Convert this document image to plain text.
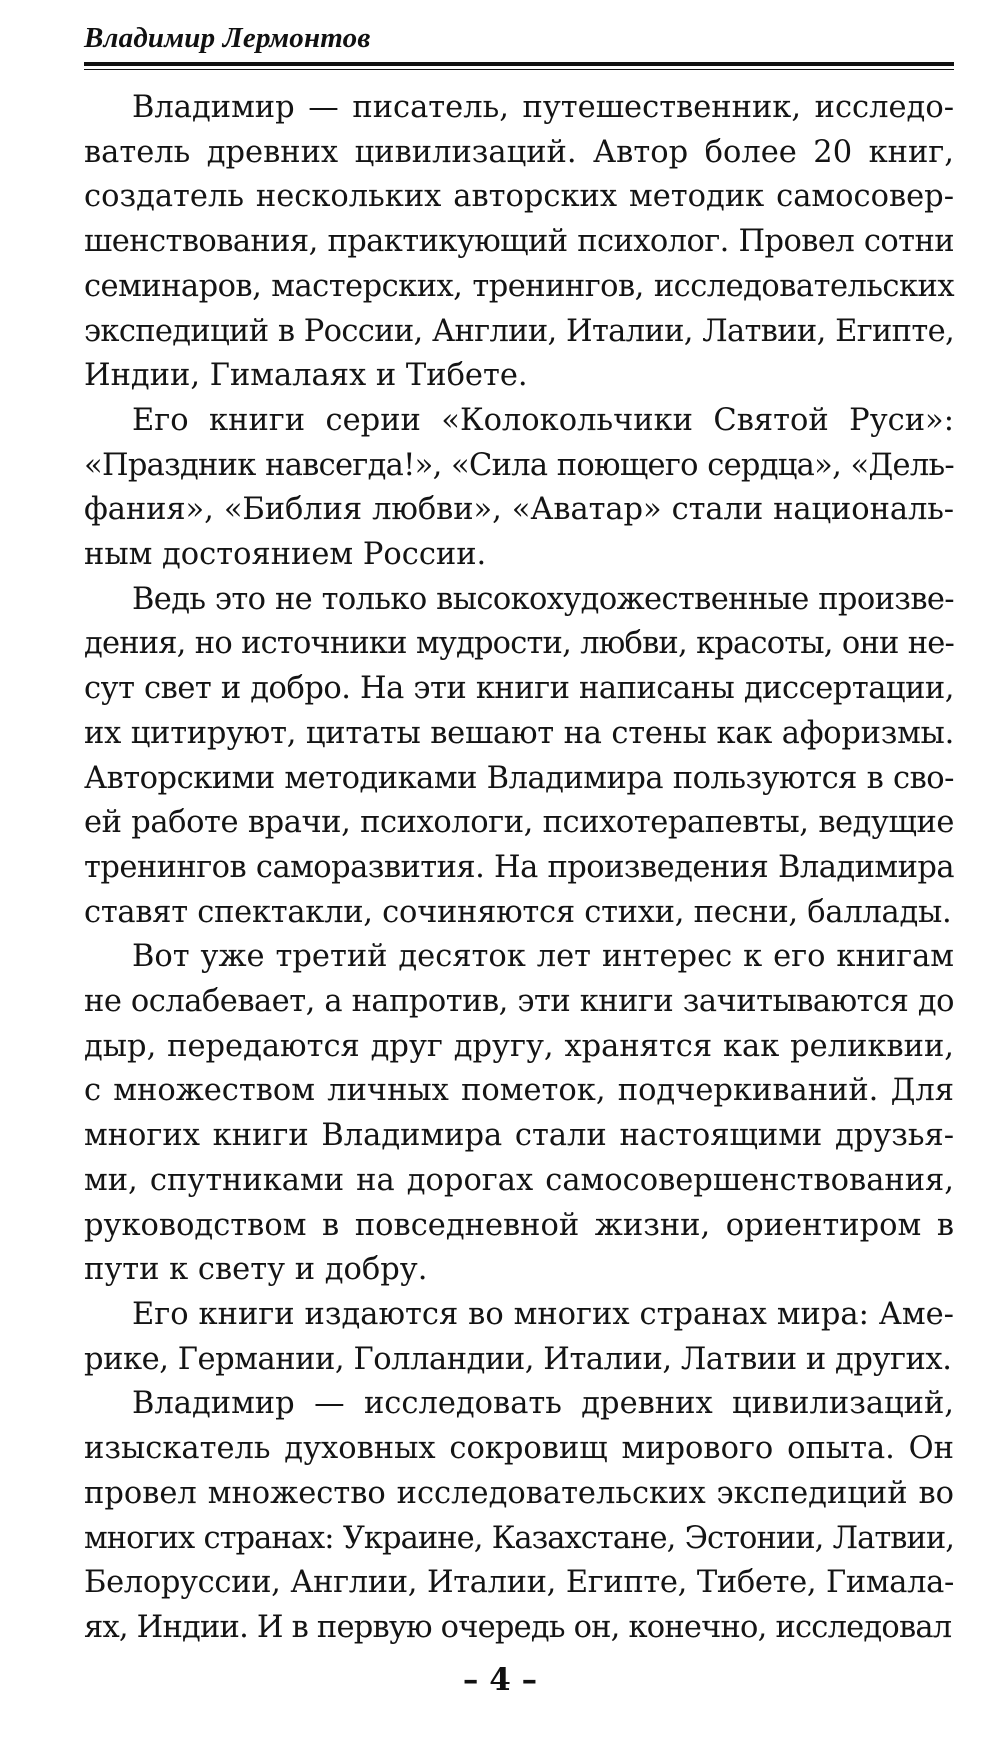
Владимир Лермонтов
Владимир — писатель, путешественник, исследо-
ватель древних цивилизаций. Автор более 20 книг,
создатель нескольких авторских методик самосовер-
шенствования, практикующий психолог. Провел сотни
семинаров, мастерских, тренингов, исследовательских
экспедиций в России, Англии, Италии, Латвии, Египте,
Индии, Гималаях и Тибете.
Его книги серии «Колокольчики Святой Руси»:
«Праздник навсегда!», «Сила поющего сердца», «Дель-
фания», «Библия любви», «Аватар» стали националь-
ным достоянием России.
Ведь это не только высокохудожественные произве-
дения, но источники мудрости, любви, красоты, они не-
сут свет и добро. На эти книги написаны диссертации,
их цитируют, цитаты вешают на стены как афоризмы.
Авторскими методиками Владимира пользуются в сво-
ей работе врачи, психологи, психотерапевты, ведущие
тренингов саморазвития. На произведения Владимира
ставят спектакли, сочиняются стихи, песни, баллады.
Вот уже третий десяток лет интерес к его книгам
не ослабевает, а напротив, эти книги зачитываются до
дыр, передаются друг другу, хранятся как реликвии,
с множеством личных пометок, подчеркиваний. Для
многих книги Владимира стали настоящими друзья-
ми, спутниками на дорогах самосовершенствования,
руководством в повседневной жизни, ориентиром в
пути к свету и добру.
Его книги издаются во многих странах мира: Аме-
рике, Германии, Голландии, Италии, Латвии и других.
Владимир — исследовать древних цивилизаций,
изыскатель духовных сокровищ мирового опыта. Он
провел множество исследовательских экспедиций во
многих странах: Украине, Казахстане, Эстонии, Латвии,
Белоруссии, Англии, Италии, Египте, Тибете, Гимала-
ях, Индии. И в первую очередь он, конечно, исследовал
– 4 –
